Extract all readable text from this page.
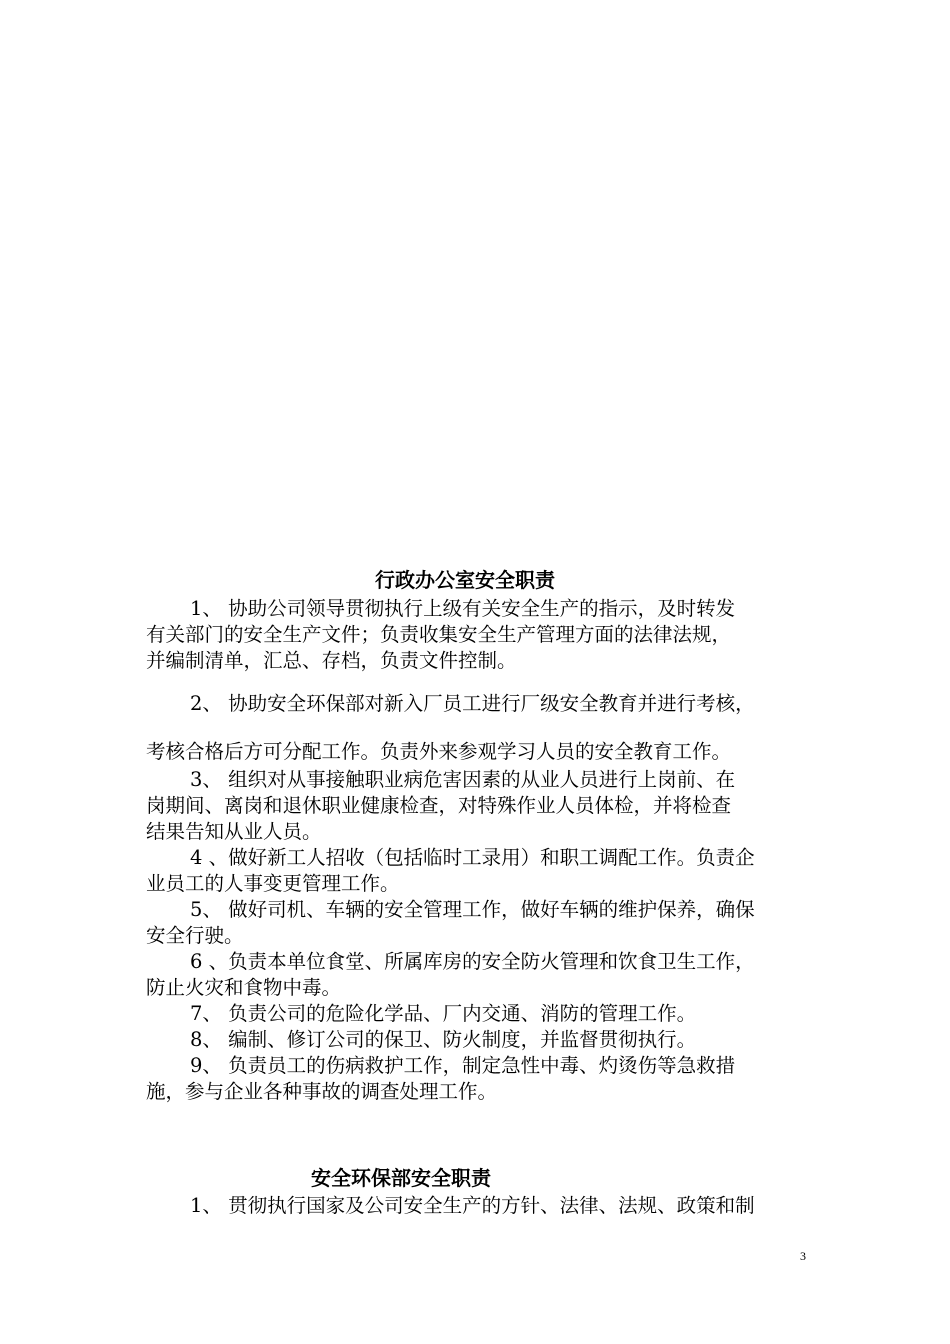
行政办公室安全职责
1、 协助公司领导贯彻执行上级有关安全生产的指示，及时转发
有关部门的安全生产文件；负责收集安全生产管理方面的法律法规，
并编制清单，汇总、存档，负责文件控制。
2、 协助安全环保部对新入厂员工进行厂级安全教育并进行考核，
考核合格后方可分配工作。负责外来参观学习人员的安全教育工作。
3、 组织对从事接触职业病危害因素的从业人员进行上岗前、在
岗期间、离岗和退休职业健康检查，对特殊作业人员体检，并将检查
结果告知从业人员。
4 、做好新工人招收（包括临时工录用）和职工调配工作。负责企
业员工的人事变更管理工作。
5、 做好司机、车辆的安全管理工作，做好车辆的维护保养，确保
安全行驶。
6 、负责本单位食堂、所属库房的安全防火管理和饮食卫生工作，
防止火灾和食物中毒。
7、 负责公司的危险化学品、厂内交通、消防的管理工作。
8、 编制、修订公司的保卫、防火制度，并监督贯彻执行。
9、 负责员工的伤病救护工作，制定急性中毒、灼烫伤等急救措
施，参与企业各种事故的调查处理工作。
安全环保部安全职责
1、 贯彻执行国家及公司安全生产的方针、法律、法规、政策和制
3
